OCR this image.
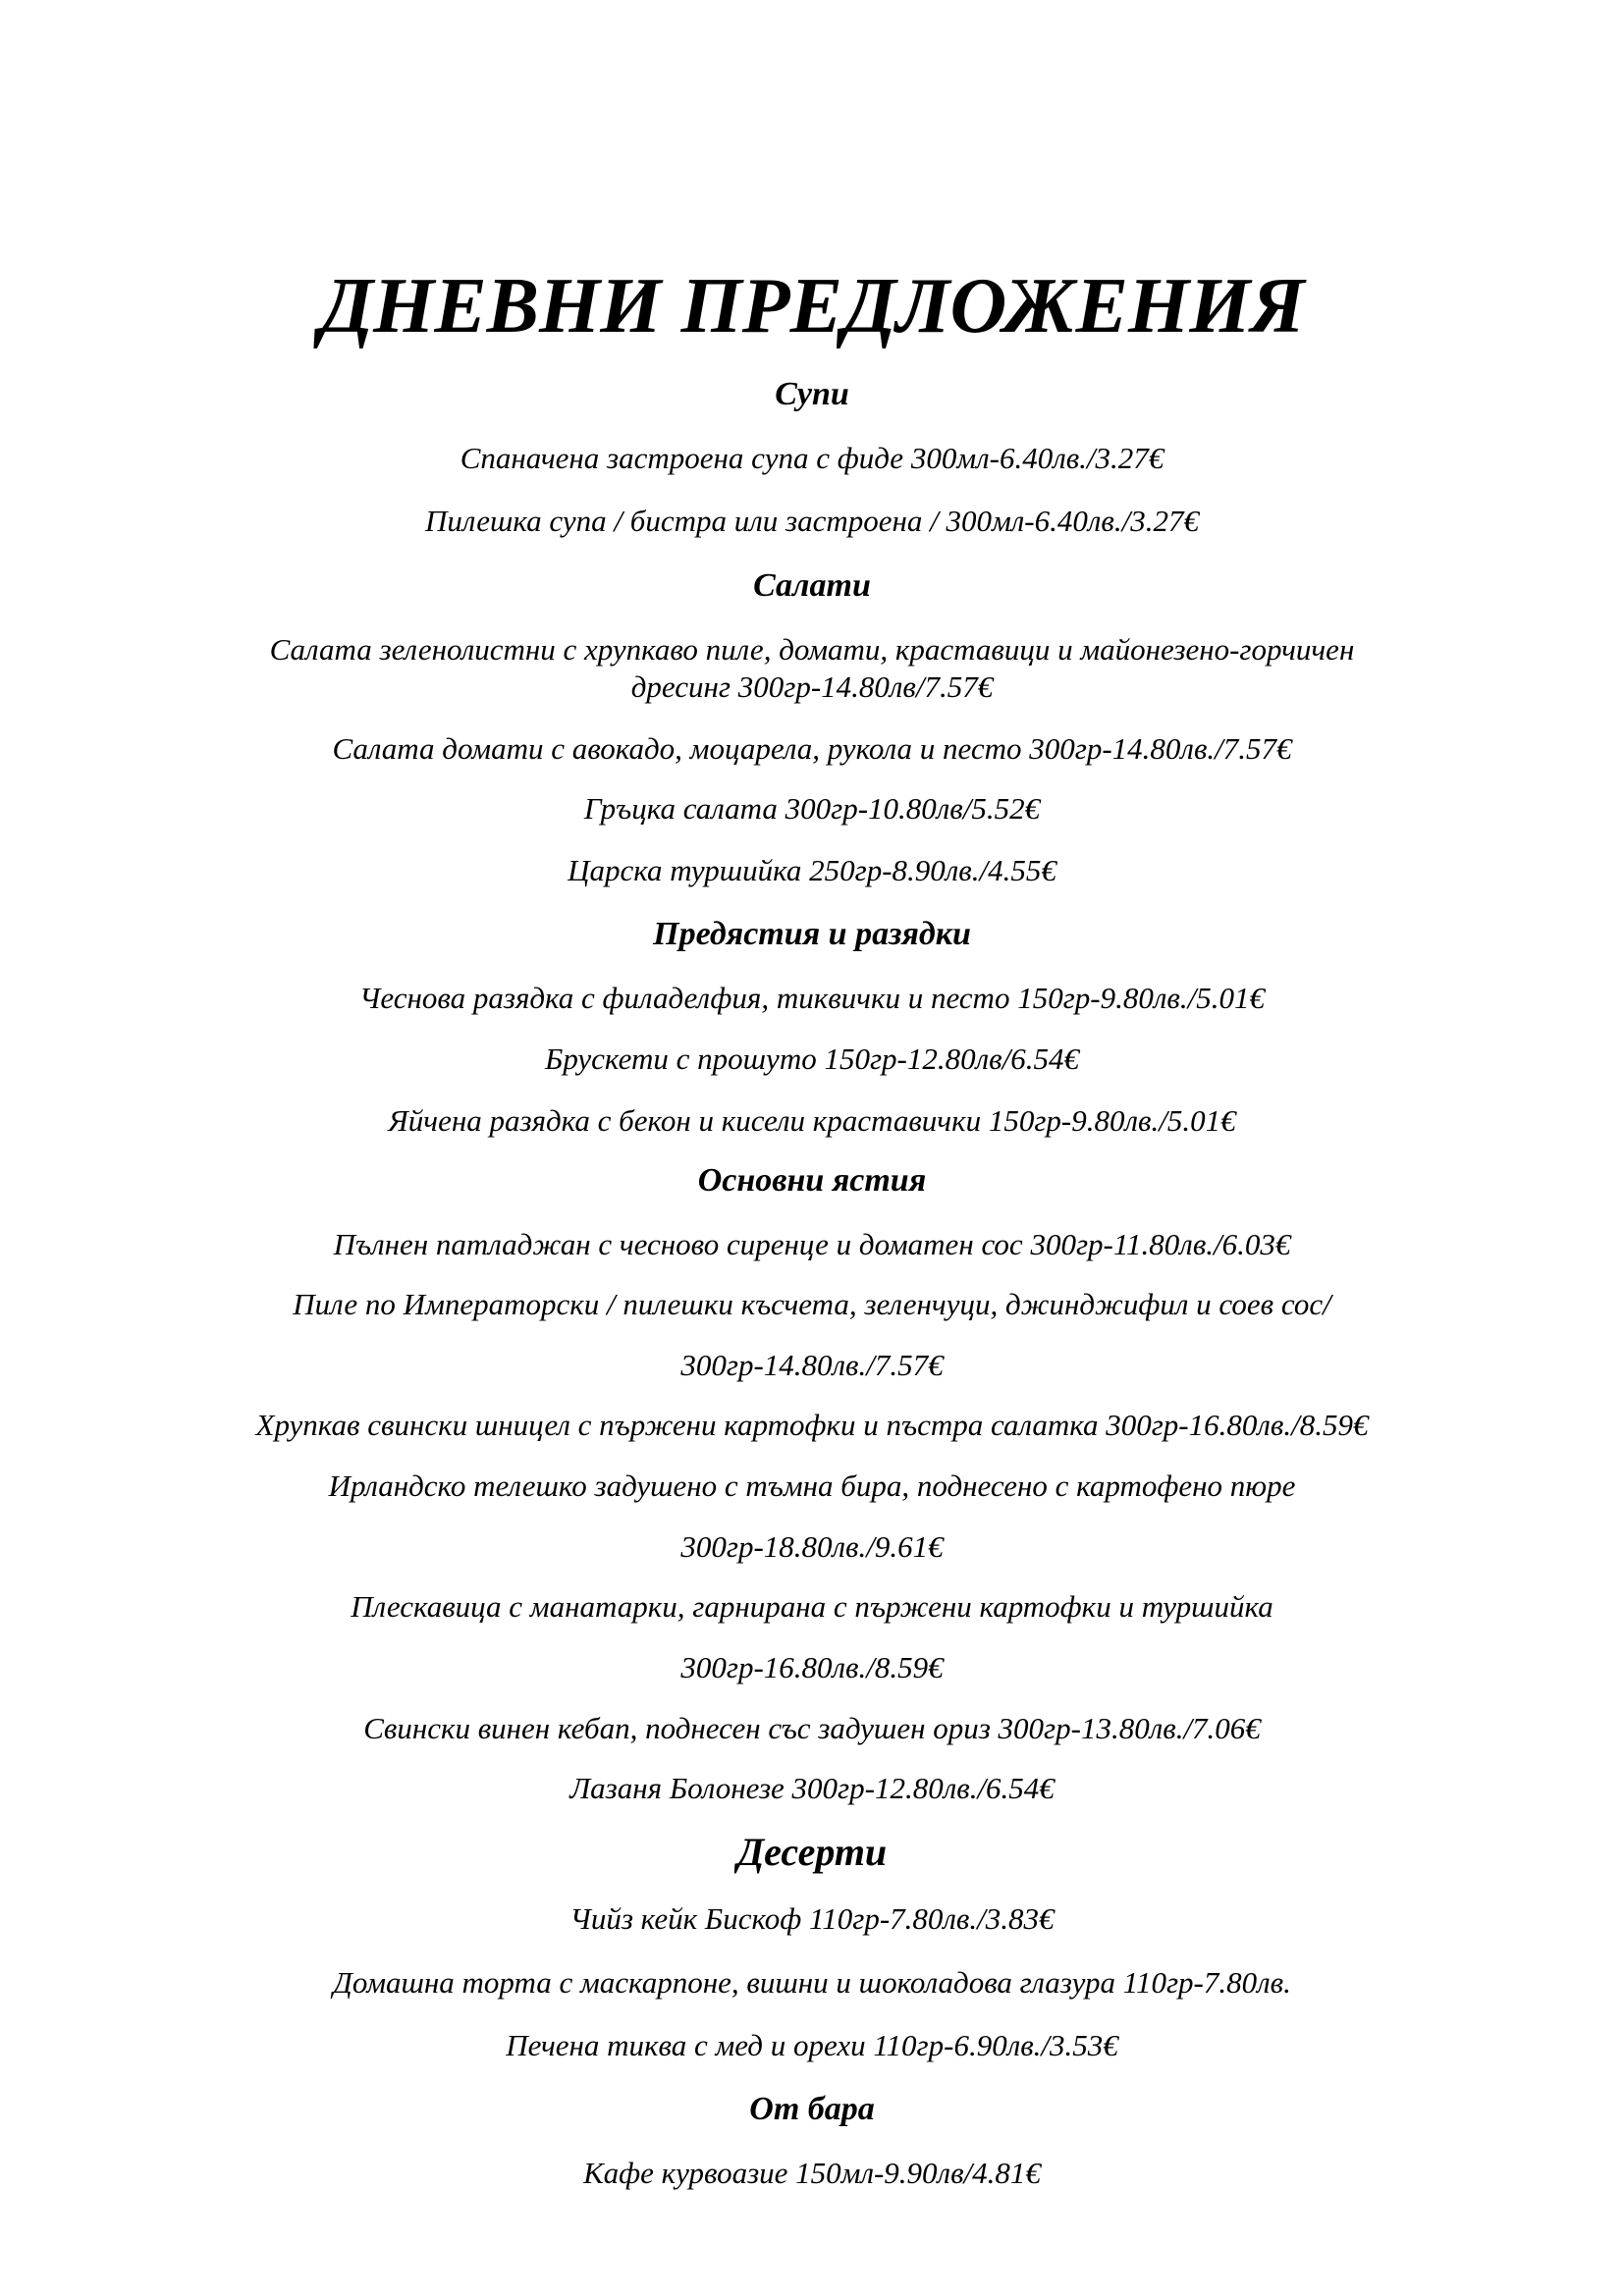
ДНЕВНИ ПРЕДЛОЖЕНИЯ
Супи
Спаначена застроена супа с фиде 300мл-6.40лв./3.27€
Пилешка супа / бистра или застроена / 300мл-6.40лв./3.27€
Салати
Салата зеленолистни с хрупкаво пиле, домати, краставици и майонезено-горчичен
дресинг 300гр-14.80лв/7.57€
Салата домати с авокадо, моцарела, рукола и песто 300гр-14.80лв./7.57€
Гръцка салата 300гр-10.80лв/5.52€
Царска туршийка 250гр-8.90лв./4.55€
Предястия и разядки
Чеснова разядка с филаделфия, тиквички и песто 150гр-9.80лв./5.01€
Брускети с прошуто 150гр-12.80лв/6.54€
Яйчена разядка с бекон и кисели краставички 150гр-9.80лв./5.01€
Основни ястия
Пълнен патладжан с чесново сиренце и доматен сос 300гр-11.80лв./6.03€
Пиле по Императорски / пилешки късчета, зеленчуци, джинджифил и соев сос/
300гр-14.80лв./7.57€
Хрупкав свински шницел с пържени картофки и пъстра салатка 300гр-16.80лв./8.59€
Ирландско телешко задушено с тъмна бира, поднесено с картофено пюре
300гр-18.80лв./9.61€
Плескавица с манатарки, гарнирана с пържени картофки и туршийка
300гр-16.80лв./8.59€
Свински винен кебап, поднесен със задушен ориз 300гр-13.80лв./7.06€
Лазаня Болонезе 300гр-12.80лв./6.54€
Десерти
Чийз кейк Бискоф 110гр-7.80лв./3.83€
Домашна торта с маскарпоне, вишни и шоколадова глазура 110гр-7.80лв.
Печена тиква с мед и орехи 110гр-6.90лв./3.53€
От бара
Кафе курвоазие 150мл-9.90лв/4.81€
